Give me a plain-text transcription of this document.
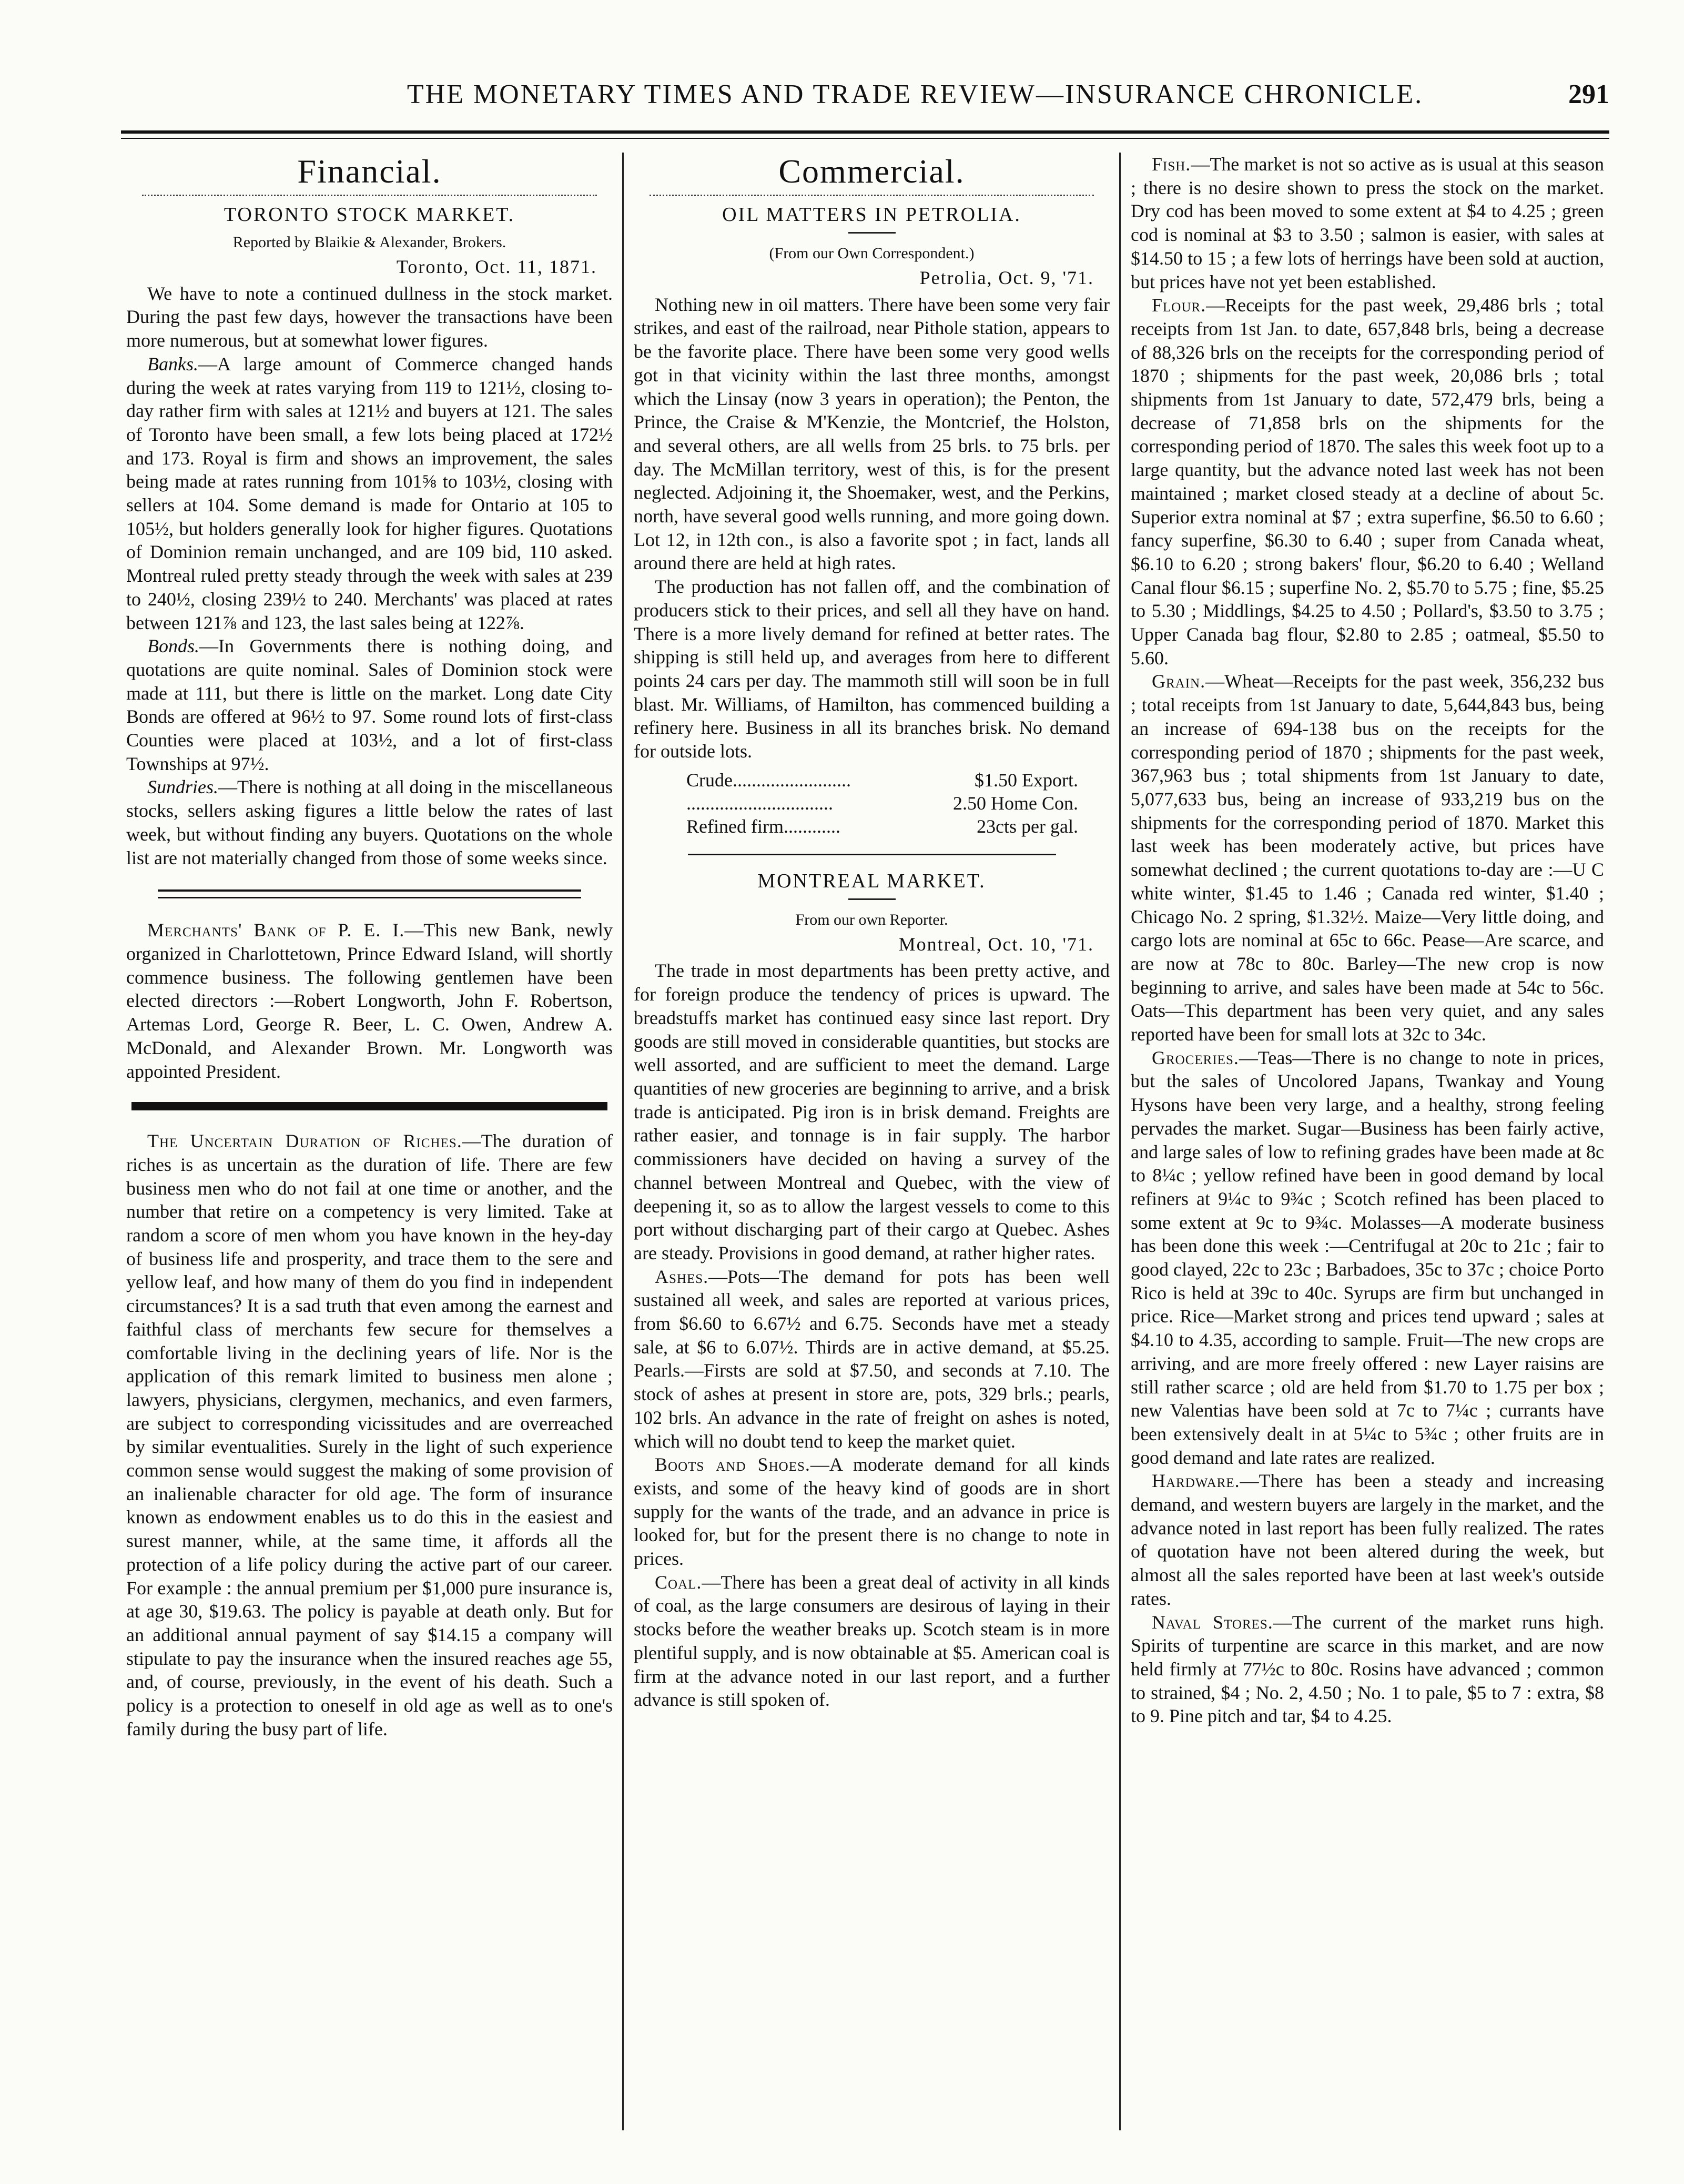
THE MONETARY TIMES AND TRADE REVIEW—INSURANCE CHRONICLE.	291
Financial.
TORONTO STOCK MARKET.
Reported by Blaikie & Alexander, Brokers.
Toronto, Oct. 11, 1871.

We have to note a continued dullness in the stock market. During the past few days, however the transactions have been more numerous, but at somewhat lower figures.

Banks.—A large amount of Commerce changed hands during the week at rates varying from 119 to 121½, closing to-day rather firm with sales at 121½ and buyers at 121. The sales of Toronto have been small, a few lots being placed at 172½ and 173. Royal is firm and shows an improvement, the sales being made at rates running from 101⅝ to 103½, closing with sellers at 104. Some demand is made for Ontario at 105 to 105½, but holders generally look for higher figures. Quotations of Dominion remain unchanged, and are 109 bid, 110 asked. Montreal ruled pretty steady through the week with sales at 239 to 240½, closing 239½ to 240. Merchants' was placed at rates between 121⅞ and 123, the last sales being at 122⅞.

Bonds.—In Governments there is nothing doing, and quotations are quite nominal. Sales of Dominion stock were made at 111, but there is little on the market. Long date City Bonds are offered at 96½ to 97. Some round lots of first-class Counties were placed at 103½, and a lot of first-class Townships at 97½.

Sundries.—There is nothing at all doing in the miscellaneous stocks, sellers asking figures a little below the rates of last week, but without finding any buyers. Quotations on the whole list are not materially changed from those of some weeks since.

Merchants' Bank of P. E. I.—This new Bank, newly organized in Charlottetown, Prince Edward Island, will shortly commence business. The following gentlemen have been elected directors :—Robert Longworth, John F. Robertson, Artemas Lord, George R. Beer, L. C. Owen, Andrew A. McDonald, and Alexander Brown. Mr. Longworth was appointed President.

The Uncertain Duration of Riches.—The duration of riches is as uncertain as the duration of life. There are few business men who do not fail at one time or another, and the number that retire on a competency is very limited. Take at random a score of men whom you have known in the hey-day of business life and prosperity, and trace them to the sere and yellow leaf, and how many of them do you find in independent circumstances? It is a sad truth that even among the earnest and faithful class of merchants few secure for themselves a comfortable living in the declining years of life. Nor is the application of this remark limited to business men alone ; lawyers, physicians, clergymen, mechanics, and even farmers, are subject to corresponding vicissitudes and are overreached by similar eventualities. Surely in the light of such experience common sense would suggest the making of some provision of an inalienable character for old age. The form of insurance known as endowment enables us to do this in the easiest and surest manner, while, at the same time, it affords all the protection of a life policy during the active part of our career. For example : the annual premium per $1,000 pure insurance is, at age 30, $19.63. The policy is payable at death only. But for an additional annual payment of say $14.15 a company will stipulate to pay the insurance when the insured reaches age 55, and, of course, previously, in the event of his death. Such a policy is a protection to oneself in old age as well as to one's family during the busy part of life.

Commercial.
OIL MATTERS IN PETROLIA.
(From our Own Correspondent.)
Petrolia, Oct. 9, '71.

Nothing new in oil matters. There have been some very fair strikes, and east of the railroad, near Pithole station, appears to be the favorite place. There have been some very good wells got in that vicinity within the last three months, amongst which the Linsay (now 3 years in operation); the Penton, the Prince, the Craise & M'Kenzie, the Montcrief, the Holston, and several others, are all wells from 25 brls. to 75 brls. per day. The McMillan territory, west of this, is for the present neglected. Adjoining it, the Shoemaker, west, and the Perkins, north, have several good wells running, and more going down. Lot 12, in 12th con., is also a favorite spot ; in fact, lands all around there are held at high rates.

The production has not fallen off, and the combination of producers stick to their prices, and sell all they have on hand. There is a more lively demand for refined at better rates. The shipping is still held up, and averages from here to different points 24 cars per day. The mammoth still will soon be in full blast. Mr. Williams, of Hamilton, has commenced building a refinery here. Business in all its branches brisk. No demand for outside lots.

Crude.........................	$1.50 Export.
...............................	2.50 Home Con.
Refined firm............	23cts per gal.
MONTREAL MARKET.
From our own Reporter.
Montreal, Oct. 10, '71.

The trade in most departments has been pretty active, and for foreign produce the tendency of prices is upward. The breadstuffs market has continued easy since last report. Dry goods are still moved in considerable quantities, but stocks are well assorted, and are sufficient to meet the demand. Large quantities of new groceries are beginning to arrive, and a brisk trade is anticipated. Pig iron is in brisk demand. Freights are rather easier, and tonnage is in fair supply. The harbor commissioners have decided on having a survey of the channel between Montreal and Quebec, with the view of deepening it, so as to allow the largest vessels to come to this port without discharging part of their cargo at Quebec. Ashes are steady. Provisions in good demand, at rather higher rates.

Ashes.—Pots—The demand for pots has been well sustained all week, and sales are reported at various prices, from $6.60 to 6.67½ and 6.75. Seconds have met a steady sale, at $6 to 6.07½. Thirds are in active demand, at $5.25. Pearls.—Firsts are sold at $7.50, and seconds at 7.10. The stock of ashes at present in store are, pots, 329 brls.; pearls, 102 brls. An advance in the rate of freight on ashes is noted, which will no doubt tend to keep the market quiet.

Boots and Shoes.—A moderate demand for all kinds exists, and some of the heavy kind of goods are in short supply for the wants of the trade, and an advance in price is looked for, but for the present there is no change to note in prices.

Coal.—There has been a great deal of activity in all kinds of coal, as the large consumers are desirous of laying in their stocks before the weather breaks up. Scotch steam is in more plentiful supply, and is now obtainable at $5. American coal is firm at the advance noted in our last report, and a further advance is still spoken of.

Fish.—The market is not so active as is usual at this season ; there is no desire shown to press the stock on the market. Dry cod has been moved to some extent at $4 to 4.25 ; green cod is nominal at $3 to 3.50 ; salmon is easier, with sales at $14.50 to 15 ; a few lots of herrings have been sold at auction, but prices have not yet been established.

Flour.—Receipts for the past week, 29,486 brls ; total receipts from 1st Jan. to date, 657,848 brls, being a decrease of 88,326 brls on the receipts for the corresponding period of 1870 ; shipments for the past week, 20,086 brls ; total shipments from 1st January to date, 572,479 brls, being a decrease of 71,858 brls on the shipments for the corresponding period of 1870. The sales this week foot up to a large quantity, but the advance noted last week has not been maintained ; market closed steady at a decline of about 5c. Superior extra nominal at $7 ; extra superfine, $6.50 to 6.60 ; fancy superfine, $6.30 to 6.40 ; super from Canada wheat, $6.10 to 6.20 ; strong bakers' flour, $6.20 to 6.40 ; Welland Canal flour $6.15 ; superfine No. 2, $5.70 to 5.75 ; fine, $5.25 to 5.30 ; Middlings, $4.25 to 4.50 ; Pollard's, $3.50 to 3.75 ; Upper Canada bag flour, $2.80 to 2.85 ; oatmeal, $5.50 to 5.60.

Grain.—Wheat—Receipts for the past week, 356,232 bus ; total receipts from 1st January to date, 5,644,843 bus, being an increase of 694-138 bus on the receipts for the corresponding period of 1870 ; shipments for the past week, 367,963 bus ; total shipments from 1st January to date, 5,077,633 bus, being an increase of 933,219 bus on the shipments for the corresponding period of 1870. Market this last week has been moderately active, but prices have somewhat declined ; the current quotations to-day are :—U C white winter, $1.45 to 1.46 ; Canada red winter, $1.40 ; Chicago No. 2 spring, $1.32½. Maize—Very little doing, and cargo lots are nominal at 65c to 66c. Pease—Are scarce, and are now at 78c to 80c. Barley—The new crop is now beginning to arrive, and sales have been made at 54c to 56c. Oats—This department has been very quiet, and any sales reported have been for small lots at 32c to 34c.

Groceries.—Teas—There is no change to note in prices, but the sales of Uncolored Japans, Twankay and Young Hysons have been very large, and a healthy, strong feeling pervades the market. Sugar—Business has been fairly active, and large sales of low to refining grades have been made at 8c to 8¼c ; yellow refined have been in good demand by local refiners at 9¼c to 9¾c ; Scotch refined has been placed to some extent at 9c to 9¾c. Molasses—A moderate business has been done this week :—Centrifugal at 20c to 21c ; fair to good clayed, 22c to 23c ; Barbadoes, 35c to 37c ; choice Porto Rico is held at 39c to 40c. Syrups are firm but unchanged in price. Rice—Market strong and prices tend upward ; sales at $4.10 to 4.35, according to sample. Fruit—The new crops are arriving, and are more freely offered : new Layer raisins are still rather scarce ; old are held from $1.70 to 1.75 per box ; new Valentias have been sold at 7c to 7¼c ; currants have been extensively dealt in at 5¼c to 5¾c ; other fruits are in good demand and late rates are realized.

Hardware.—There has been a steady and increasing demand, and western buyers are largely in the market, and the advance noted in last report has been fully realized. The rates of quotation have not been altered during the week, but almost all the sales reported have been at last week's outside rates.

Naval Stores.—The current of the market runs high. Spirits of turpentine are scarce in this market, and are now held firmly at 77½c to 80c. Rosins have advanced ; common to strained, $4 ; No. 2, 4.50 ; No. 1 to pale, $5 to 7 : extra, $8 to 9. Pine pitch and tar, $4 to 4.25.
